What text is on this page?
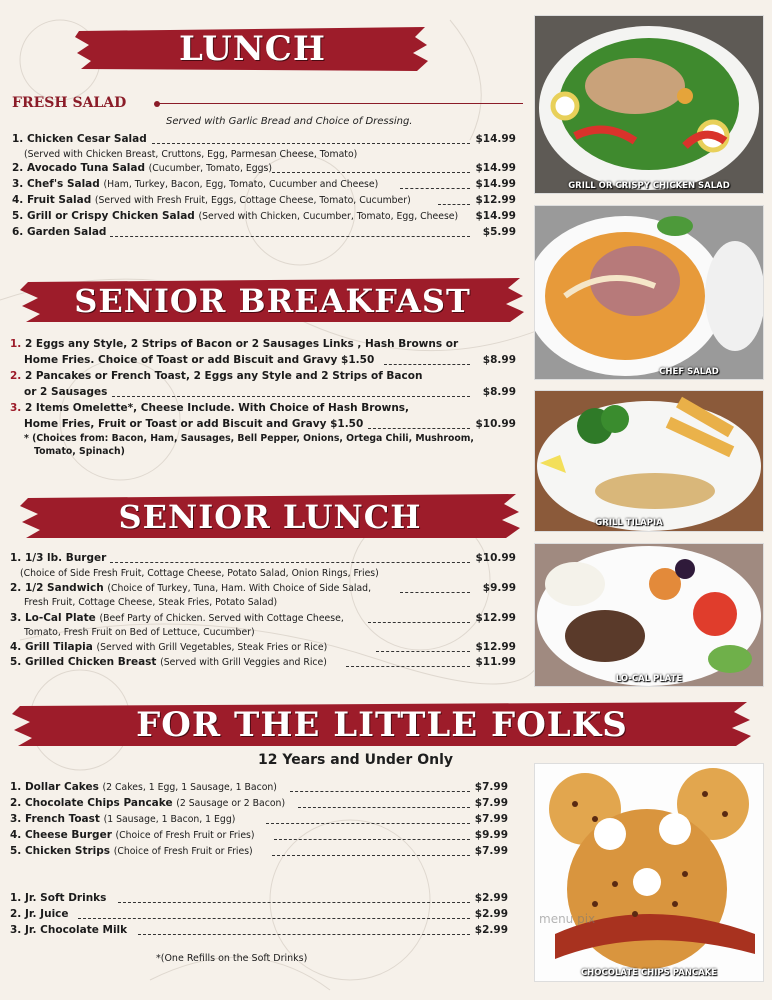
LUNCH
FRESH SALAD
Served with Garlic Bread and Choice of Dressing.
1. Chicken Cesar Salad	$14.99
(Served with Chicken Breast, Cruttons, Egg, Parmesan Cheese, Tomato)
2. Avocado Tuna Salad (Cucumber, Tomato, Eggs)	$14.99
3. Chef's Salad (Ham, Turkey, Bacon, Egg, Tomato, Cucumber and Cheese)	$14.99
4. Fruit Salad (Served with Fresh Fruit, Eggs, Cottage Cheese, Tomato, Cucumber)	$12.99
5. Grill or Crispy Chicken Salad (Served with Chicken, Cucumber, Tomato, Egg, Cheese)	$14.99
6. Garden Salad	$5.99
SENIOR BREAKFAST
1. 2 Eggs any Style, 2 Strips of Bacon or 2 Sausages Links , Hash Browns or
Home Fries. Choice of Toast or add Biscuit and Gravy $1.50	$8.99
2. 2 Pancakes or French Toast, 2 Eggs any Style and 2 Strips of Bacon
or 2 Sausages	$8.99
3. 2 Items Omelette*, Cheese Include. With Choice of Hash Browns,
Home Fries, Fruit or Toast or add Biscuit and Gravy $1.50	$10.99
* (Choices from: Bacon, Ham, Sausages, Bell Pepper, Onions, Ortega Chili, Mushroom,
Tomato, Spinach)
SENIOR LUNCH
1. 1/3 lb. Burger	$10.99
(Choice of Side Fresh Fruit, Cottage Cheese, Potato Salad, Onion Rings, Fries)
2. 1/2 Sandwich (Choice of Turkey, Tuna, Ham. With Choice of Side Salad,	$9.99
Fresh Fruit, Cottage Cheese, Steak Fries, Potato Salad)
3. Lo-Cal Plate (Beef Party of Chicken. Served with Cottage Cheese,	$12.99
Tomato, Fresh Fruit on Bed of Lettuce, Cucumber)
4. Grill Tilapia (Served with Grill Vegetables, Steak Fries or Rice)	$12.99
5. Grilled Chicken Breast (Served with Grill Veggies and Rice)	$11.99
FOR THE LITTLE FOLKS
12 Years and Under Only
1. Dollar Cakes (2 Cakes, 1 Egg, 1 Sausage, 1 Bacon)	$7.99
2. Chocolate Chips Pancake (2 Sausage or 2 Bacon)	$7.99
3. French Toast (1 Sausage, 1 Bacon, 1 Egg)	$7.99
4. Cheese Burger (Choice of Fresh Fruit or Fries)	$9.99
5. Chicken Strips (Choice of Fresh Fruit or Fries)	$7.99
1. Jr. Soft Drinks	$2.99
2. Jr. Juice	$2.99
3. Jr. Chocolate Milk	$2.99
*(One Refills on the Soft Drinks)
GRILL OR CRISPY CHICKEN SALAD
CHEF SALAD
GRILL TILAPIA
LO-CAL PLATE
CHOCOLATE CHIPS PANCAKE
menu pix
